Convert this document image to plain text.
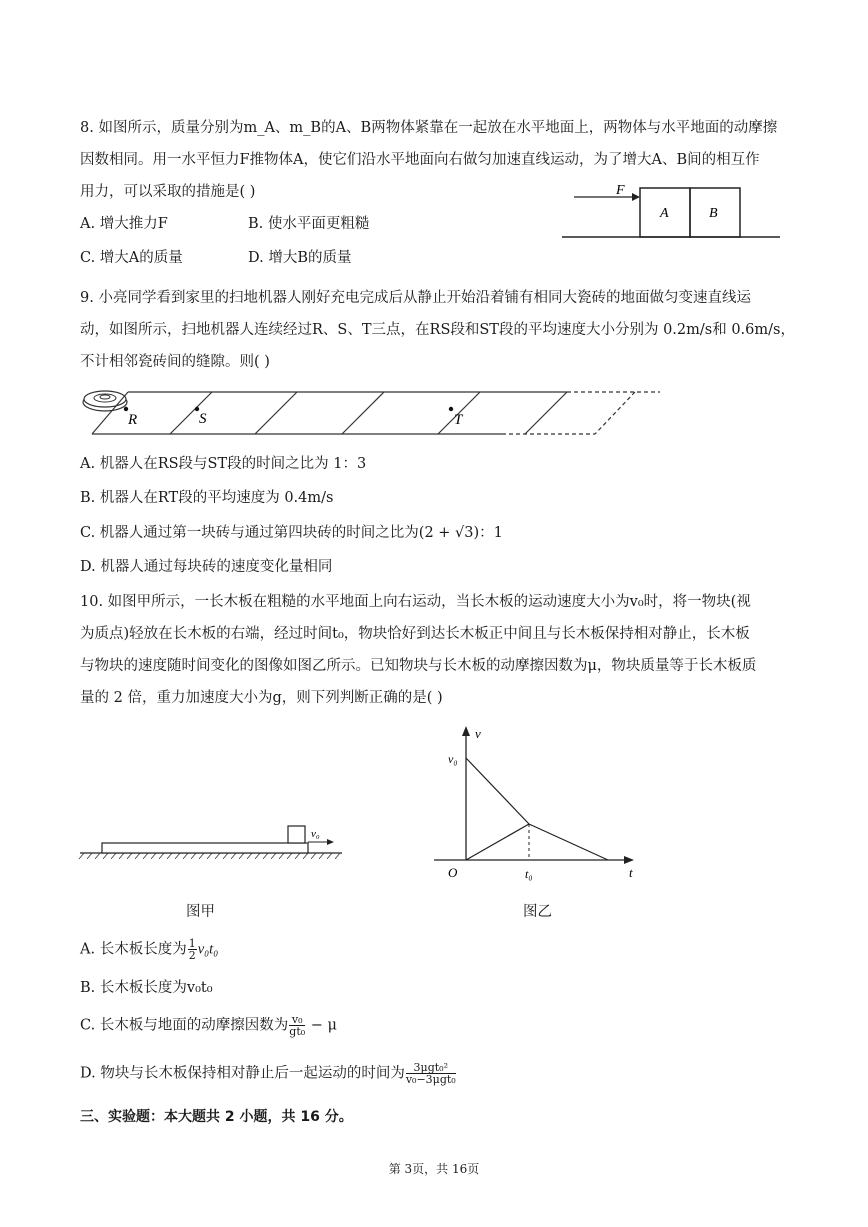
8. 如图所示，质量分别为m_A、m_B的A、B两物体紧靠在一起放在水平地面上，两物体与水平地面的动摩擦
因数相同。用一水平恒力F推物体A，使它们沿水平地面向右做匀加速直线运动，为了增大A、B间的相互作
用力，可以采取的措施是( )
A. 增大推力F	B. 使水平面更粗糙
C. 增大A的质量	D. 增大B的质量
F
A	B
9. 小亮同学看到家里的扫地机器人刚好充电完成后从静止开始沿着铺有相同大瓷砖的地面做匀变速直线运
动，如图所示，扫地机器人连续经过R、S、T三点，在RS段和ST段的平均速度大小分别为 0.2m/s和 0.6m/s，
不计相邻瓷砖间的缝隙。则( )
R	S	T
A. 机器人在RS段与ST段的时间之比为 1：3
B. 机器人在RT段的平均速度为 0.4m/s
C. 机器人通过第一块砖与通过第四块砖的时间之比为(2 + √3)：1
D. 机器人通过每块砖的速度变化量相同
10. 如图甲所示，一长木板在粗糙的水平地面上向右运动，当长木板的运动速度大小为v₀时，将一物块(视
为质点)轻放在长木板的右端，经过时间t₀，物块恰好到达长木板正中间且与长木板保持相对静止，长木板
与物块的速度随时间变化的图像如图乙所示。已知物块与长木板的动摩擦因数为μ，物块质量等于长木板质
量的 2 倍，重力加速度大小为g，则下列判断正确的是( )
v₀
图甲
v
t
O
v₀
t₀
图乙
A. 长木板长度为 $\frac{1}{2} v_0t_0$
B. 长木板长度为v₀t₀
C. 长木板与地面的动摩擦因数为 $\frac{\text{v₀}}{\text{gt₀}} - \mu$
D. 物块与长木板保持相对静止后一起运动的时间为 $\frac{\text{3μgt₀²}}{\text{v₀−3μgt₀}}$
三、实验题：本大题共 2 小题，共 16 分。
第 3页，共 16页
